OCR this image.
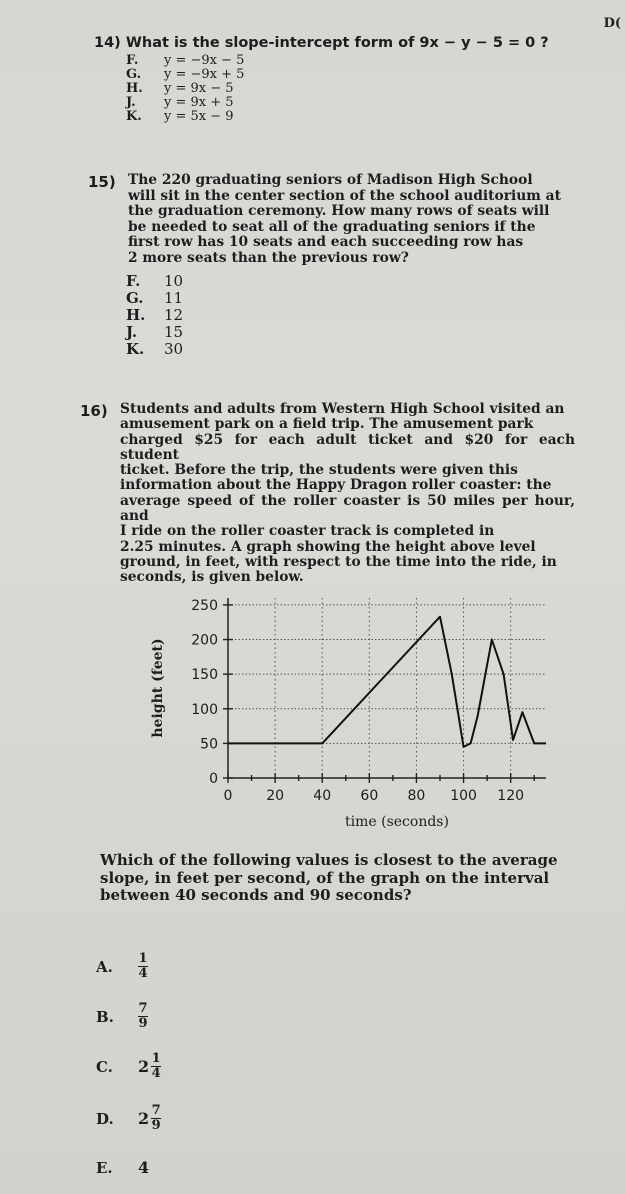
D(
14) What is the slope-intercept form of 9x − y − 5 = 0 ?
F.	y = −9x − 5
G.	y = −9x + 5
H. y = 9x − 5
J.	y = 9x + 5
K.	y = 5x − 9
15) The 220 graduating seniors of Madison High School
will sit in the center section of the school auditorium at
the graduation ceremony. How many rows of seats will
be needed to seat all of the graduating seniors if the
first row has 10 seats and each succeeding row has
2 more seats than the previous row?
F.	10
G. 11
H. 12
J.	15
K. 30
16) Students and adults from Western High School visited an
amusement park on a field trip. The amusement park
charged $25 for each adult ticket and $20 for each student
ticket. Before the trip, the students were given this
information about the Happy Dragon roller coaster: the
average speed of the roller coaster is 50 miles per hour, and
I ride on the roller coaster track is completed in
2.25 minutes. A graph showing the height above level
ground, in feet, with respect to the time into the ride, in
seconds, is given below.
0 20 40 60 80 100 120
0
50
100
150
200
250
time (seconds)
height (feet)
Which of the following values is closest to the average
slope, in feet per second, of the graph on the interval
between 40 seconds and 90 seconds?
A.	$\frac{1}{4}$
B.	$\frac{7}{9}$
C.	$2 \frac{1}{4}$
D.	$2 \frac{7}{9}$
E.	4
